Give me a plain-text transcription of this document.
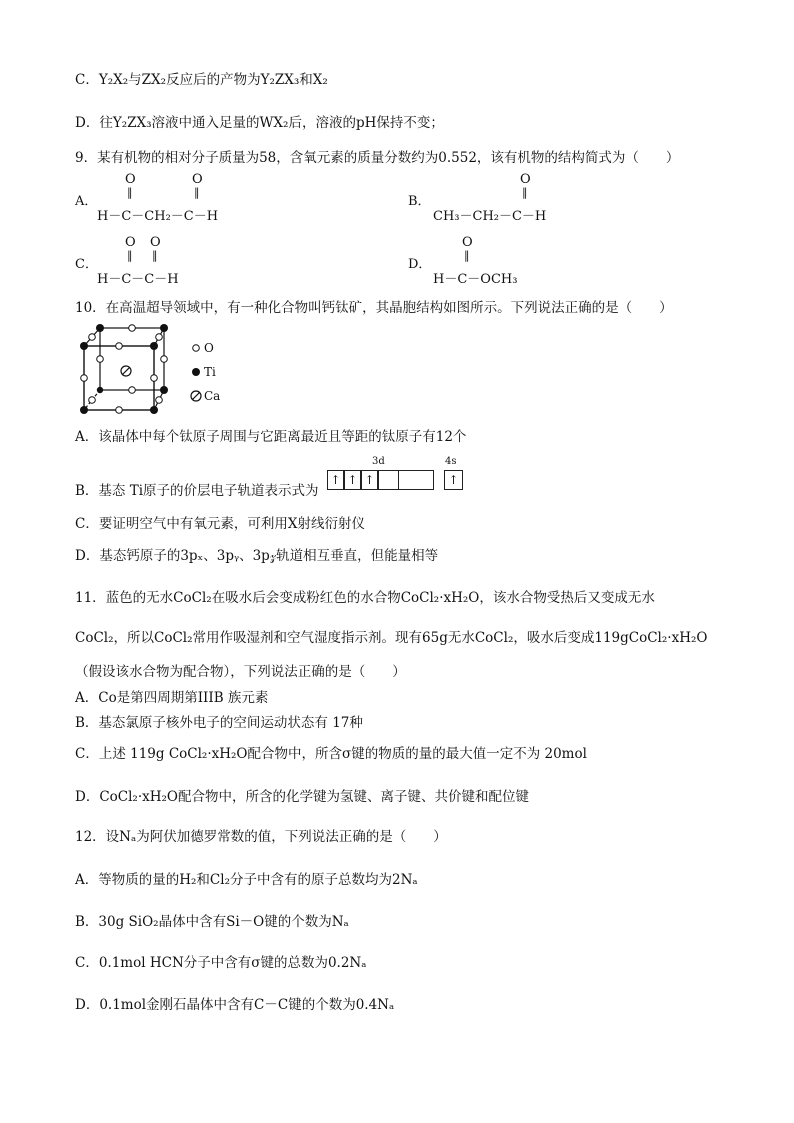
C．Y₂X₂与ZX₂反应后的产物为Y₂ZX₃和X₂
D．往Y₂ZX₃溶液中通入足量的WX₂后，溶液的pH保持不变；
9．某有机物的相对分子质量为58，含氧元素的质量分数约为0.552，该有机物的结构简式为（　　）
A．
O
‖
O
‖
H－C－CH₂－C－H
B．
O
‖
CH₃－CH₂－C－H
C．
O
‖
O
‖
H－C－C－H
D．
O
‖
H－C－OCH₃
10．在高温超导领域中，有一种化合物叫钙钛矿，其晶胞结构如图所示。下列说法正确的是（　　）
O
Ti
Ca
A．该晶体中每个钛原子周围与它距离最近且等距的钛原子有12个
B．基态 Ti原子的价层电子轨道表示式为
3d	4s
↑ ↑ ↑	↑
C．要证明空气中有氧元素，可利用X射线衍射仪
D．基态钙原子的3pₓ、3pᵧ、3p𝓏轨道相互垂直，但能量相等
11．蓝色的无水CoCl₂在吸水后会变成粉红色的水合物CoCl₂·xH₂O，该水合物受热后又变成无水
CoCl₂，所以CoCl₂常用作吸湿剂和空气湿度指示剂。现有65g无水CoCl₂，吸水后变成119gCoCl₂·xH₂O
（假设该水合物为配合物），下列说法正确的是（　　）
A．Co是第四周期第IIIB 族元素
B．基态氯原子核外电子的空间运动状态有 17种
C．上述 119g CoCl₂·xH₂O配合物中，所含σ键的物质的量的最大值一定不为 20mol
D．CoCl₂·xH₂O配合物中，所含的化学键为氢键、离子键、共价键和配位键
12．设Nₐ为阿伏加德罗常数的值，下列说法正确的是（　　）
A．等物质的量的H₂和Cl₂分子中含有的原子总数均为2Nₐ
B．30g SiO₂晶体中含有Si－O键的个数为Nₐ
C．0.1mol HCN分子中含有σ键的总数为0.2Nₐ
D．0.1mol金刚石晶体中含有C－C键的个数为0.4Nₐ
